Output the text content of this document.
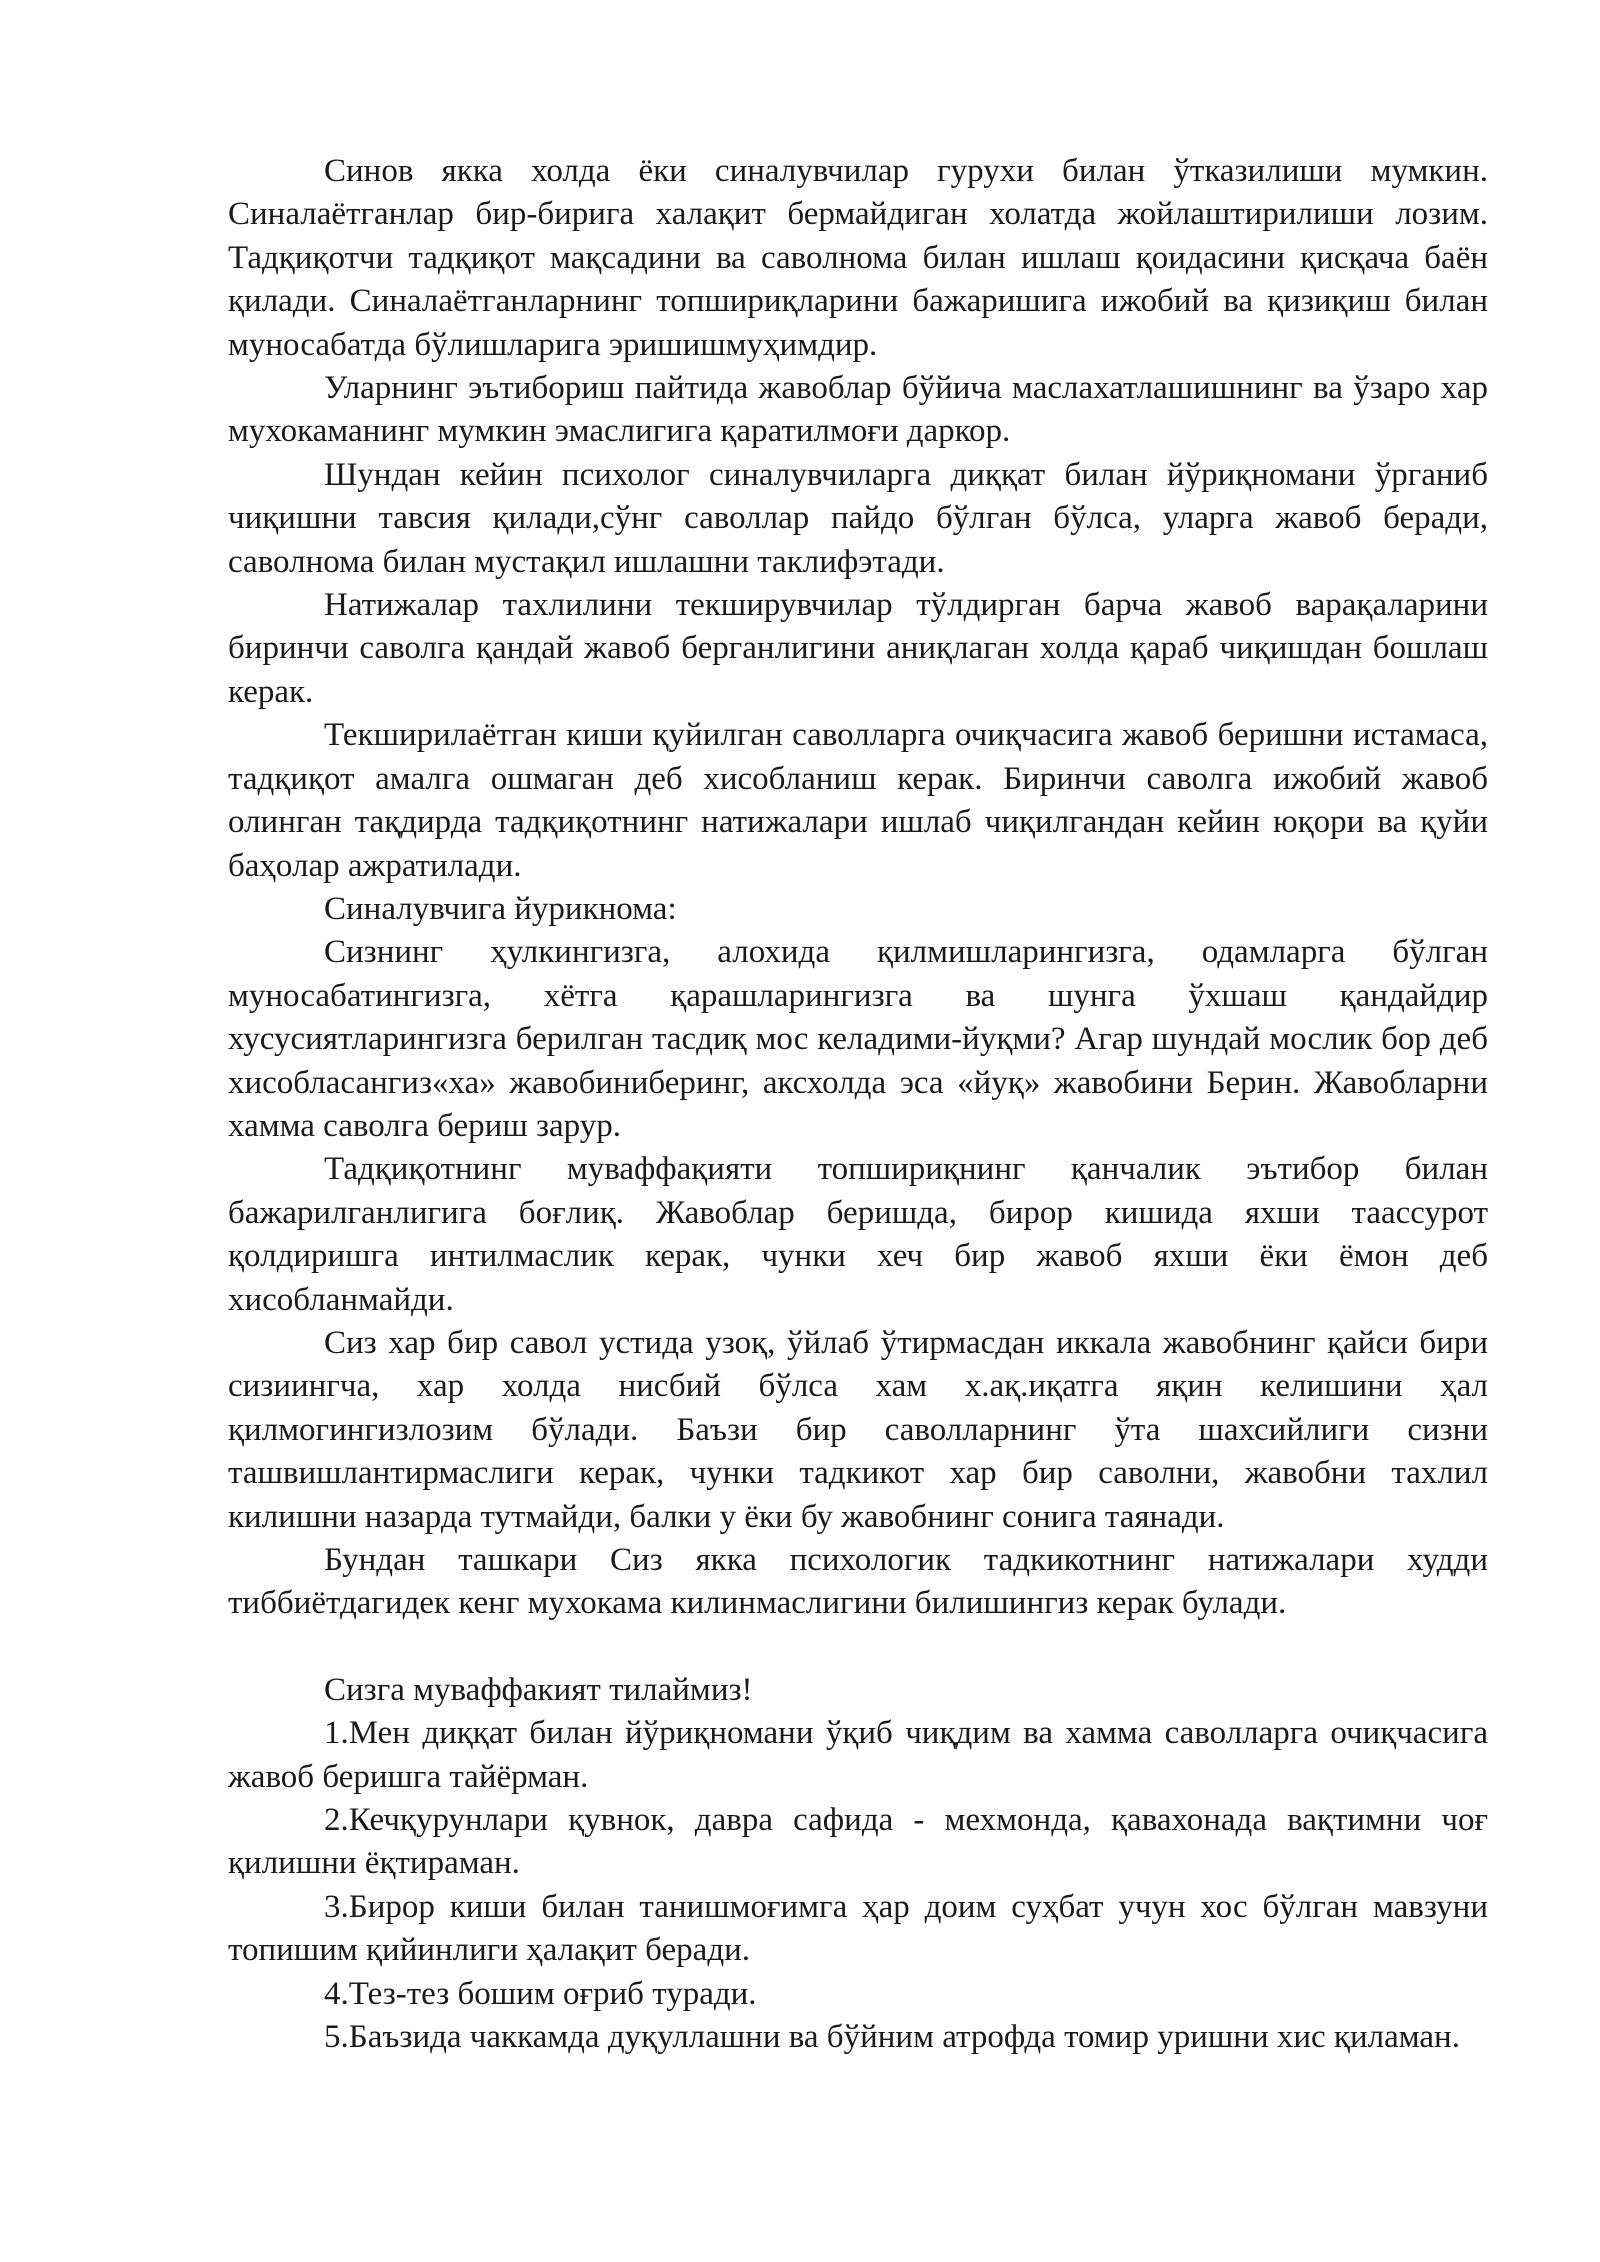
Синов якка холда ёки синалувчилар гурухи билан ўтказилиши мумкин. Синалаётганлар бир-бирига халақит бермайдиган холатда жойлаштирилиши лозим. Тадқиқотчи тадқиқот мақсадини ва саволнома билан ишлаш қоидасини қисқача баён қилади. Синалаётганларнинг топшириқларини бажаришига ижобий ва қизиқиш билан муносабатда бўлишларига эришишмуҳимдир.

Уларнинг эътибориш пайтида жавоблар бўйича маслахатлашишнинг ва ўзаро хар мухокаманинг мумкин эмаслигига қаратилмоғи даркор.

Шундан кейин психолог синалувчиларга диққат билан йўриқномани ўрганиб чиқишни тавсия қилади,сўнг саволлар пайдо бўлган бўлса, уларга жавоб беради, саволнома билан мустақил ишлашни таклифэтади.

Натижалар тахлилини текширувчилар тўлдирган барча жавоб варақаларини биринчи саволга қандай жавоб берганлигини аниқлаган холда қараб чиқишдан бошлаш керак.

Текширилаётган киши қуйилган саволларга очиқчасига жавоб беришни истамаса, тадқиқот амалга ошмаган деб хисобланиш керак. Биринчи саволга ижобий жавоб олинган тақдирда тадқиқотнинг натижалари ишлаб чиқилгандан кейин юқори ва қуйи баҳолар ажратилади.

Синалувчига йурикнома:

Сизнинг ҳулкингизга, алохида қилмишларингизга, одамларга бўлган муносабатингизга, хётга қарашларингизга ва шунга ўхшаш қандайдир хусусиятларингизга берилган тасдиқ мос келадими-йуқми? Агар шундай мослик бор деб хисобласангиз«ха» жавобиниберинг, аксхолда эса «йуқ» жавобини Берин. Жавобларни хамма саволга бериш зарур.

Тадқиқотнинг муваффақияти топшириқнинг қанчалик эътибор билан бажарилганлигига боғлиқ. Жавоблар беришда, бирор кишида яхши таассурот қолдиришга интилмаслик керак, чунки хеч бир жавоб яхши ёки ёмон деб хисобланмайди.

Сиз хар бир савол устида узоқ, ўйлаб ўтирмасдан иккала жавобнинг қайси бири сизиингча, хар холда нисбий бўлса хам х.ақ.иқатга яқин келишини ҳал қилмогингизлозим бўлади. Баъзи бир саволларнинг ўта шахсийлиги сизни ташвишлантирмаслиги керак, чунки тадкикот хар бир саволни, жавобни тахлил килишни назарда тутмайди, балки у ёки бу жавобнинг сонига таянади.

Бундан ташкари Сиз якка психологик тадкикотнинг натижалари худди тиббиётдагидек кенг мухокама килинмаслигини билишингиз керак булади.

Сизга муваффакият тилаймиз!

1.Мен диққат билан йўриқномани ўқиб чиқдим ва хамма саволларга очиқчасига жавоб беришга тайёрман.

2.Кечқурунлари қувнок, давра сафида - мехмонда, қавахонада вақтимни чоғ қилишни ёқтираман.

3.Бирор киши билан танишмоғимга ҳар доим суҳбат учун хос бўлган мавзуни топишим қийинлиги ҳалақит беради.

4.Тез-тез бошим оғриб туради.

5.Баъзида чаккамда дуқуллашни ва бўйним атрофда томир уришни хис қиламан.
